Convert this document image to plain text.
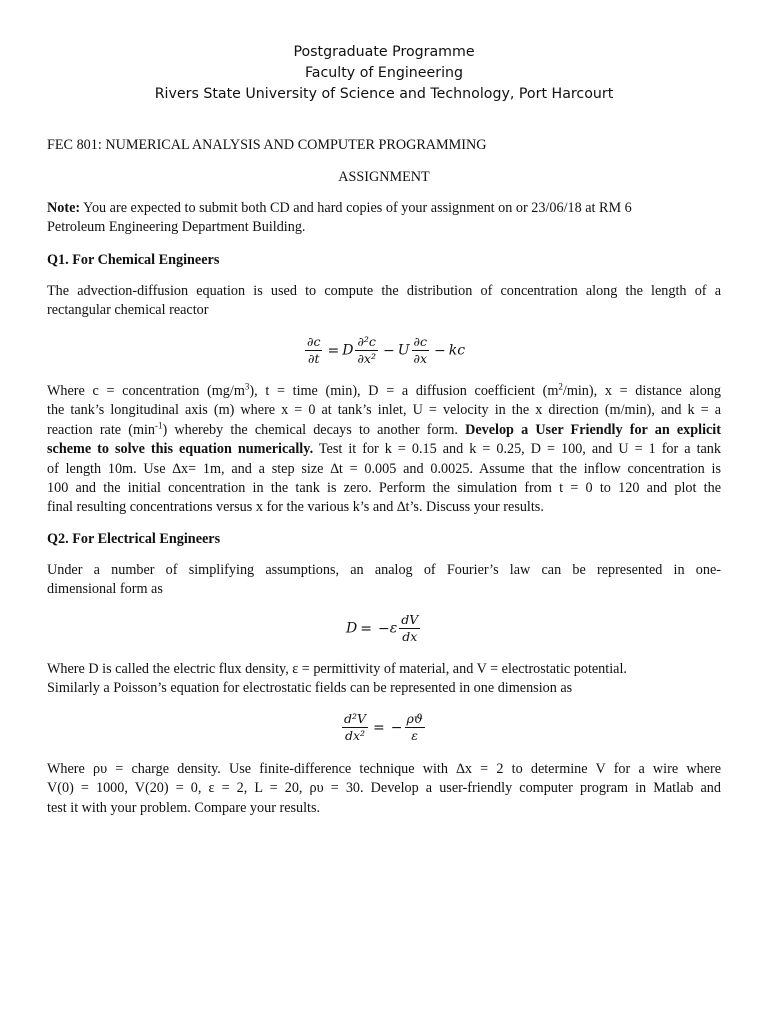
Postgraduate Programme
Faculty of Engineering
Rivers State University of Science and Technology, Port Harcourt
FEC 801: NUMERICAL ANALYSIS AND COMPUTER PROGRAMMING
ASSIGNMENT
Note: You are expected to submit both CD and hard copies of your assignment on or 23/06/18 at RM 6
Petroleum Engineering Department Building.
Q1. For Chemical Engineers
The advection-diffusion equation is used to compute the distribution of concentration along the length of a
rectangular chemical reactor
$\frac{\partial c}{\partial t} = D \frac{\text{∂²c}}{\text{∂x²}} - U \frac{\partial c}{\partial x}$ − kc
Where c = concentration $(mg/m^3)$, t = time (min), D = a diffusion coefficient $(m^2/\min)$, x = distance along
the tank’s longitudinal axis (m) where x = 0 at tank’s inlet, U = velocity in the x direction (m/min), and k = a
reaction rate $(\min^{-1})$ whereby the chemical decays to another form. Develop a User Friendly for an explicit
scheme to solve this equation numerically. Test it for k = 0.15 and k = 0.25, D = 100, and U = 1 for a tank
of length 10m. Use ∆x= 1m, and a step size ∆t = 0.005 and 0.0025. Assume that the inflow concentration is
100 and the initial concentration in the tank is zero. Perform the simulation from t = 0 to 120 and plot the
final resulting concentrations versus x for the various k’s and ∆t’s. Discuss your results.
Q2. For Electrical Engineers
Under a number of simplifying assumptions, an analog of Fourier’s law can be represented in one-
dimensional form as
$D = -\varepsilon \frac{dV}{dx}$
Where D is called the electric flux density, ε = permittivity of material, and V = electrostatic potential.
Similarly a Poisson’s equation for electrostatic fields can be represented in one dimension as
$\frac{\text{d²V}}{\text{dx²}}$ = − $\frac{\rho ϑ}{\varepsilon}$
Where ρυ = charge density. Use finite-difference technique with ∆x = 2 to determine V for a wire where
V(0) = 1000, V(20) = 0, ε = 2, L = 20, ρυ = 30. Develop a user-friendly computer program in Matlab and
test it with your problem. Compare your results.
